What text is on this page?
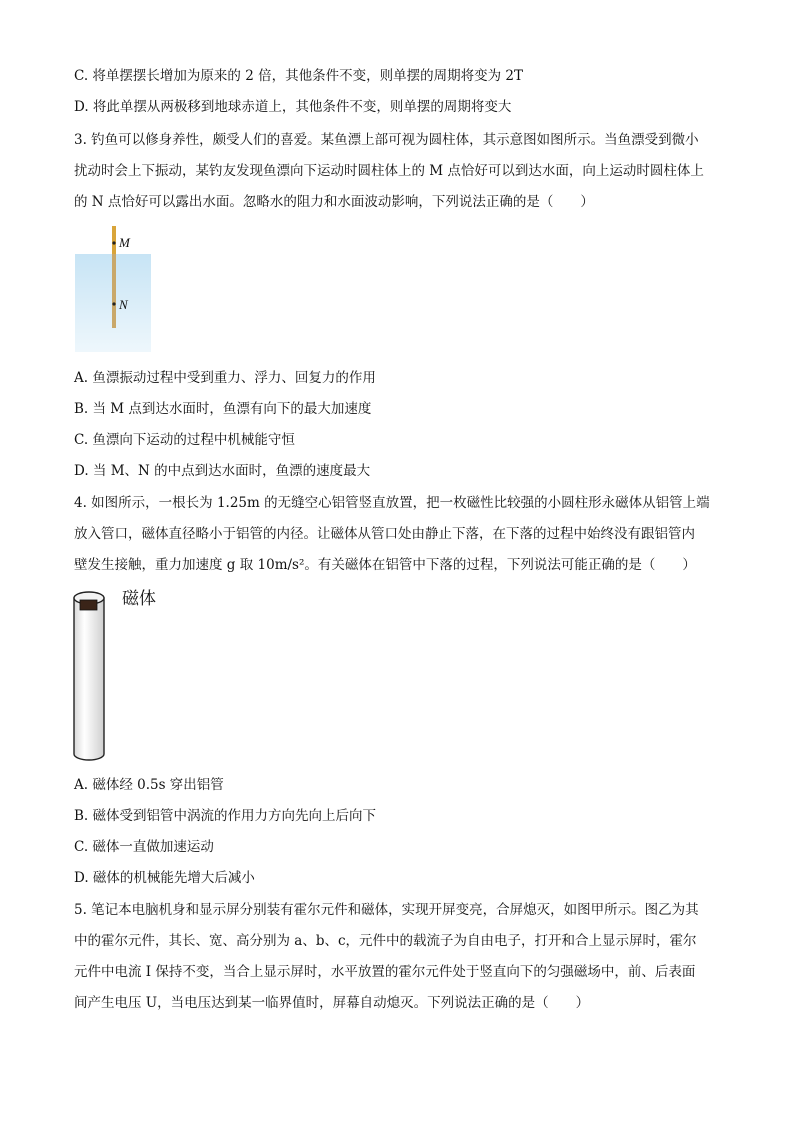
C. 将单摆摆长增加为原来的 2 倍，其他条件不变，则单摆的周期将变为 2T
D. 将此单摆从两极移到地球赤道上，其他条件不变，则单摆的周期将变大
3. 钓鱼可以修身养性，颇受人们的喜爱。某鱼漂上部可视为圆柱体，其示意图如图所示。当鱼漂受到微小
扰动时会上下振动，某钓友发现鱼漂向下运动时圆柱体上的 M 点恰好可以到达水面，向上运动时圆柱体上
的 N 点恰好可以露出水面。忽略水的阻力和水面波动影响，下列说法正确的是（　　）
M
N
A. 鱼漂振动过程中受到重力、浮力、回复力的作用
B. 当 M 点到达水面时，鱼漂有向下的最大加速度
C. 鱼漂向下运动的过程中机械能守恒
D. 当 M、N 的中点到达水面时，鱼漂的速度最大
4. 如图所示，一根长为 1.25m 的无缝空心铝管竖直放置，把一枚磁性比较强的小圆柱形永磁体从铝管上端
放入管口，磁体直径略小于铝管的内径。让磁体从管口处由静止下落，在下落的过程中始终没有跟铝管内
壁发生接触，重力加速度 g 取 10m/s²。有关磁体在铝管中下落的过程，下列说法可能正确的是（　　）
磁体
A. 磁体经 0.5s 穿出铝管
B. 磁体受到铝管中涡流的作用力方向先向上后向下
C. 磁体一直做加速运动
D. 磁体的机械能先增大后减小
5. 笔记本电脑机身和显示屏分别装有霍尔元件和磁体，实现开屏变亮，合屏熄灭，如图甲所示。图乙为其
中的霍尔元件，其长、宽、高分别为 a、b、c，元件中的载流子为自由电子，打开和合上显示屏时，霍尔
元件中电流 I 保持不变，当合上显示屏时，水平放置的霍尔元件处于竖直向下的匀强磁场中，前、后表面
间产生电压 U，当电压达到某一临界值时，屏幕自动熄灭。下列说法正确的是（　　）
